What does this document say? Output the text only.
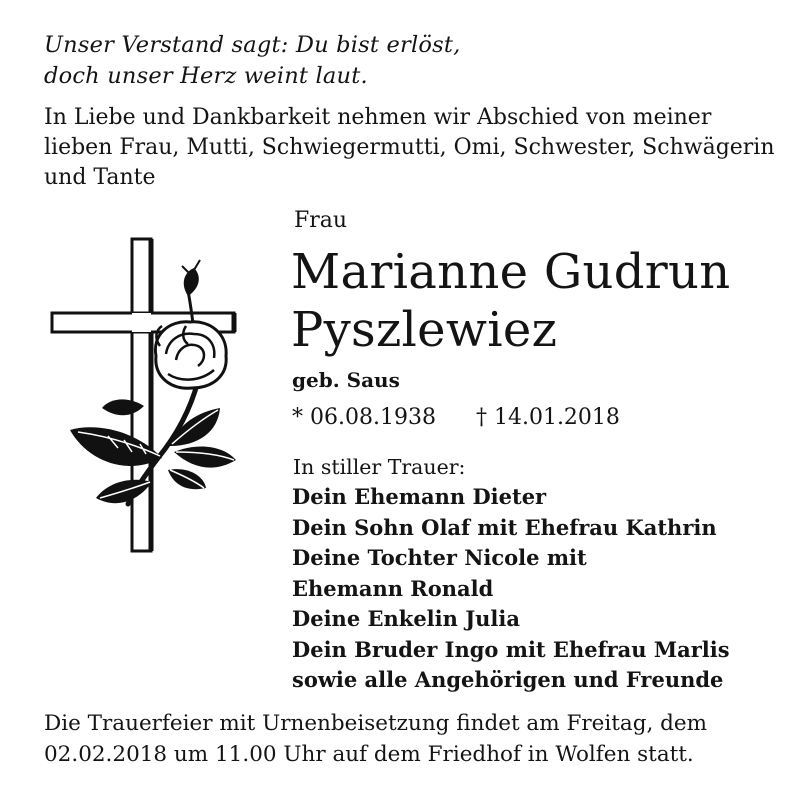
Unser Verstand sagt: Du bist erlöst,
doch unser Herz weint laut.
In Liebe und Dankbarkeit nehmen wir Abschied von meiner
lieben Frau, Mutti, Schwiegermutti, Omi, Schwester, Schwägerin
und Tante
Frau
Marianne Gudrun
Pyszlewiez
geb. Saus
* 06.08.1938 † 14.01.2018
In stiller Trauer:
Dein Ehemann Dieter
Dein Sohn Olaf mit Ehefrau Kathrin
Deine Tochter Nicole mit
Ehemann Ronald
Deine Enkelin Julia
Dein Bruder Ingo mit Ehefrau Marlis
sowie alle Angehörigen und Freunde
Die Trauerfeier mit Urnenbeisetzung findet am Freitag, dem
02.02.2018 um 11.00 Uhr auf dem Friedhof in Wolfen statt.
